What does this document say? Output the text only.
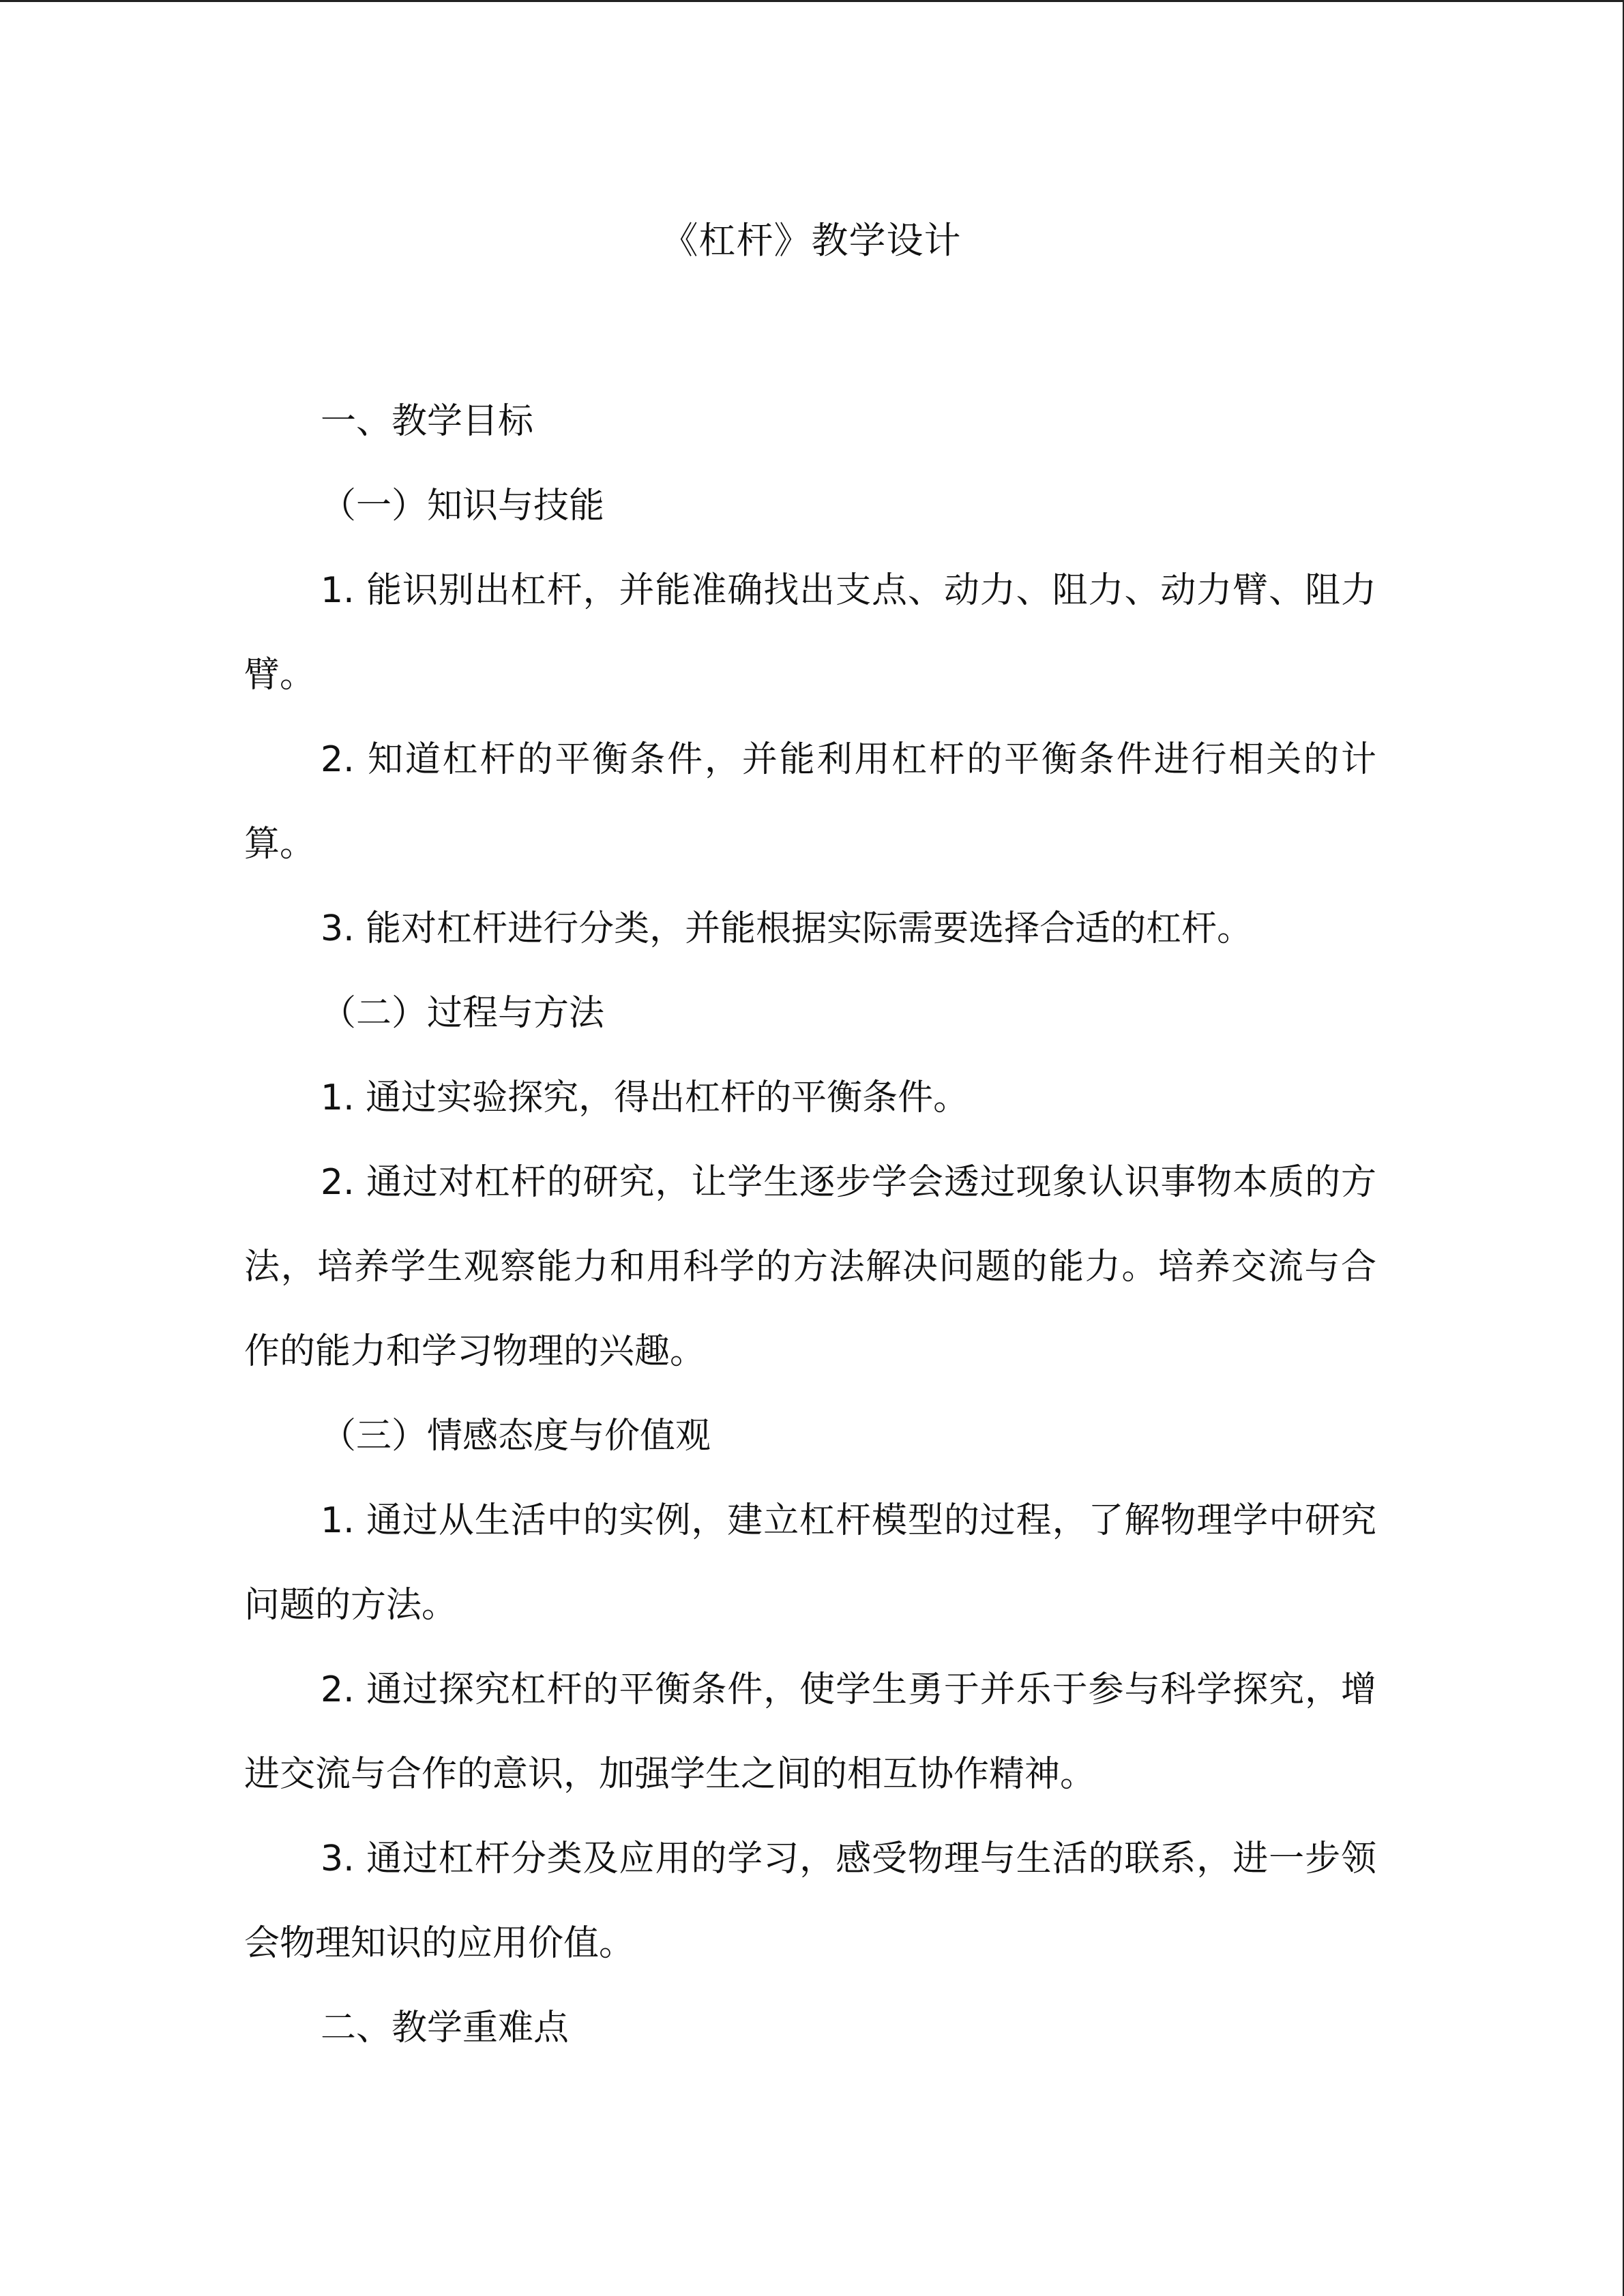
《杠杆》教学设计

一、教学目标

（一）知识与技能

1. 能识别出杠杆，并能准确找出支点、动力、阻力、动力臂、阻力臂。

2. 知道杠杆的平衡条件，并能利用杠杆的平衡条件进行相关的计算。

3. 能对杠杆进行分类，并能根据实际需要选择合适的杠杆。

（二）过程与方法

1. 通过实验探究，得出杠杆的平衡条件。

2. 通过对杠杆的研究，让学生逐步学会透过现象认识事物本质的方法，培养学生观察能力和用科学的方法解决问题的能力。培养交流与合作的能力和学习物理的兴趣。

（三）情感态度与价值观

1. 通过从生活中的实例，建立杠杆模型的过程，了解物理学中研究问题的方法。

2. 通过探究杠杆的平衡条件，使学生勇于并乐于参与科学探究，增进交流与合作的意识，加强学生之间的相互协作精神。

3. 通过杠杆分类及应用的学习，感受物理与生活的联系，进一步领会物理知识的应用价值。

二、教学重难点
